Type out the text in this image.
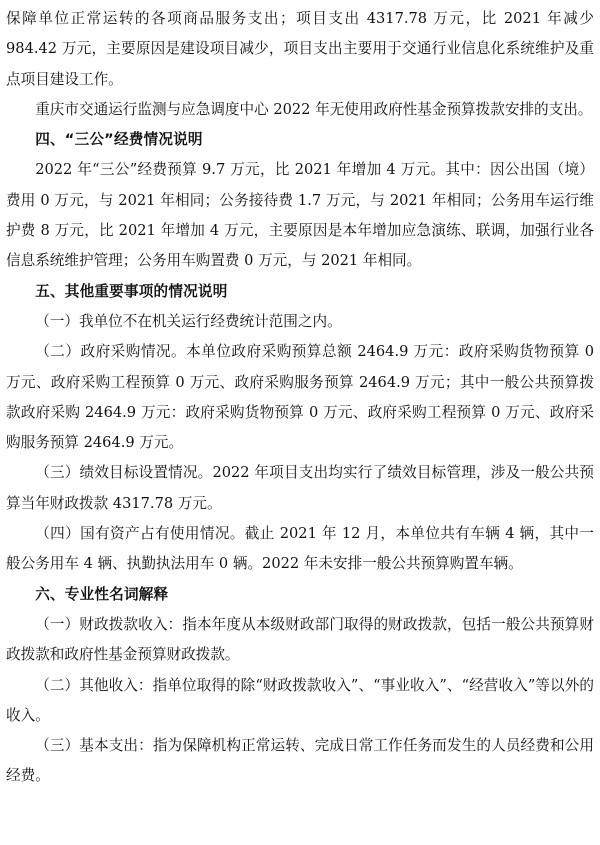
保障单位正常运转的各项商品服务支出；项目支出 4317.78 万元，比 2021 年减少 984.42 万元，主要原因是建设项目减少，项目支出主要用于交通行业信息化系统维护及重点项目建设工作。

重庆市交通运行监测与应急调度中心 2022 年无使用政府性基金预算拨款安排的支出。

四、“三公”经费情况说明

2022 年“三公”经费预算 9.7 万元，比 2021 年增加 4 万元。其中：因公出国（境）费用 0 万元，与 2021 年相同；公务接待费 1.7 万元，与 2021 年相同；公务用车运行维护费 8 万元，比 2021 年增加 4 万元，主要原因是本年增加应急演练、联调，加强行业各信息系统维护管理；公务用车购置费 0 万元，与 2021 年相同。

五、其他重要事项的情况说明

（一）我单位不在机关运行经费统计范围之内。

（二）政府采购情况。本单位政府采购预算总额 2464.9 万元：政府采购货物预算 0 万元、政府采购工程预算 0 万元、政府采购服务预算 2464.9 万元；其中一般公共预算拨款政府采购 2464.9 万元：政府采购货物预算 0 万元、政府采购工程预算 0 万元、政府采购服务预算 2464.9 万元。

（三）绩效目标设置情况。2022 年项目支出均实行了绩效目标管理，涉及一般公共预算当年财政拨款 4317.78 万元。

（四）国有资产占有使用情况。截止 2021 年 12 月，本单位共有车辆 4 辆，其中一般公务用车 4 辆、执勤执法用车 0 辆。2022 年未安排一般公共预算购置车辆。

六、专业性名词解释

（一）财政拨款收入：指本年度从本级财政部门取得的财政拨款，包括一般公共预算财政拨款和政府性基金预算财政拨款。

（二）其他收入：指单位取得的除“财政拨款收入”、“事业收入”、“经营收入”等以外的收入。

（三）基本支出：指为保障机构正常运转、完成日常工作任务而发生的人员经费和公用经费。
